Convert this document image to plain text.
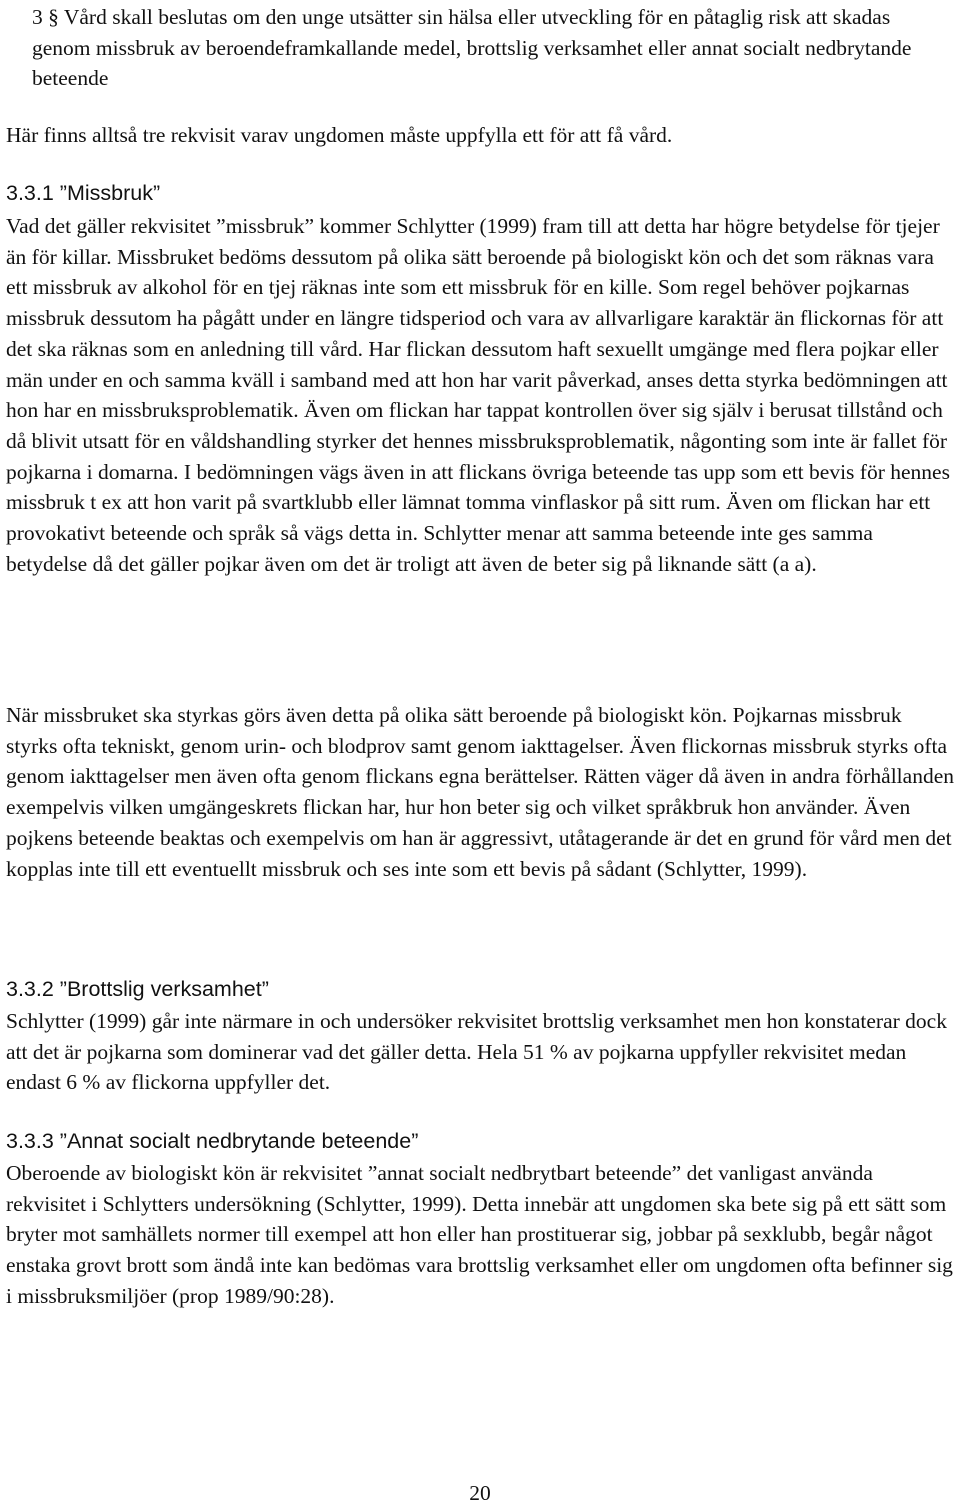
3 § Vård skall beslutas om den unge utsätter sin hälsa eller utveckling för en påtaglig risk att skadas genom missbruk av beroendeframkallande medel, brottslig verksamhet eller annat socialt nedbrytande beteende

Här finns alltså tre rekvisit varav ungdomen måste uppfylla ett för att få vård.

3.3.1 ”Missbruk”

Vad det gäller rekvisitet ”missbruk” kommer Schlytter (1999) fram till att detta har högre betydelse för tjejer än för killar. Missbruket bedöms dessutom på olika sätt beroende på biologiskt kön och det som räknas vara ett missbruk av alkohol för en tjej räknas inte som ett missbruk för en kille. Som regel behöver pojkarnas missbruk dessutom ha pågått under en längre tidsperiod och vara av allvarligare karaktär än flickornas för att det ska räknas som en anledning till vård. Har flickan dessutom haft sexuellt umgänge med flera pojkar eller män under en och samma kväll i samband med att hon har varit påverkad, anses detta styrka bedömningen att hon har en missbruksproblematik. Även om flickan har tappat kontrollen över sig själv i berusat tillstånd och då blivit utsatt för en våldshandling styrker det hennes missbruksproblematik, någonting som inte är fallet för pojkarna i domarna. I bedömningen vägs även in att flickans övriga beteende tas upp som ett bevis för hennes missbruk t ex att hon varit på svartklubb eller lämnat tomma vinflaskor på sitt rum. Även om flickan har ett provokativt beteende och språk så vägs detta in. Schlytter menar att samma beteende inte ges samma betydelse då det gäller pojkar även om det är troligt att även de beter sig på liknande sätt (a a).

När missbruket ska styrkas görs även detta på olika sätt beroende på biologiskt kön. Pojkarnas missbruk styrks ofta tekniskt, genom urin- och blodprov samt genom iakttagelser. Även flickornas missbruk styrks ofta genom iakttagelser men även ofta genom flickans egna berättelser. Rätten väger då även in andra förhållanden exempelvis vilken umgängeskrets flickan har, hur hon beter sig och vilket språkbruk hon använder. Även pojkens beteende beaktas och exempelvis om han är aggressivt, utåtagerande är det en grund för vård men det kopplas inte till ett eventuellt missbruk och ses inte som ett bevis på sådant (Schlytter, 1999).

3.3.2 ”Brottslig verksamhet”

Schlytter (1999) går inte närmare in och undersöker rekvisitet brottslig verksamhet men hon konstaterar dock att det är pojkarna som dominerar vad det gäller detta. Hela 51 % av pojkarna uppfyller rekvisitet medan endast 6 % av flickorna uppfyller det.

3.3.3 ”Annat socialt nedbrytande beteende”

Oberoende av biologiskt kön är rekvisitet ”annat socialt nedbrytbart beteende” det vanligast använda rekvisitet i Schlytters undersökning (Schlytter, 1999). Detta innebär att ungdomen ska bete sig på ett sätt som bryter mot samhällets normer till exempel att hon eller han prostituerar sig, jobbar på sexklubb, begår något enstaka grovt brott som ändå inte kan bedömas vara brottslig verksamhet eller om ungdomen ofta befinner sig i missbruksmiljöer (prop 1989/90:28).

20
